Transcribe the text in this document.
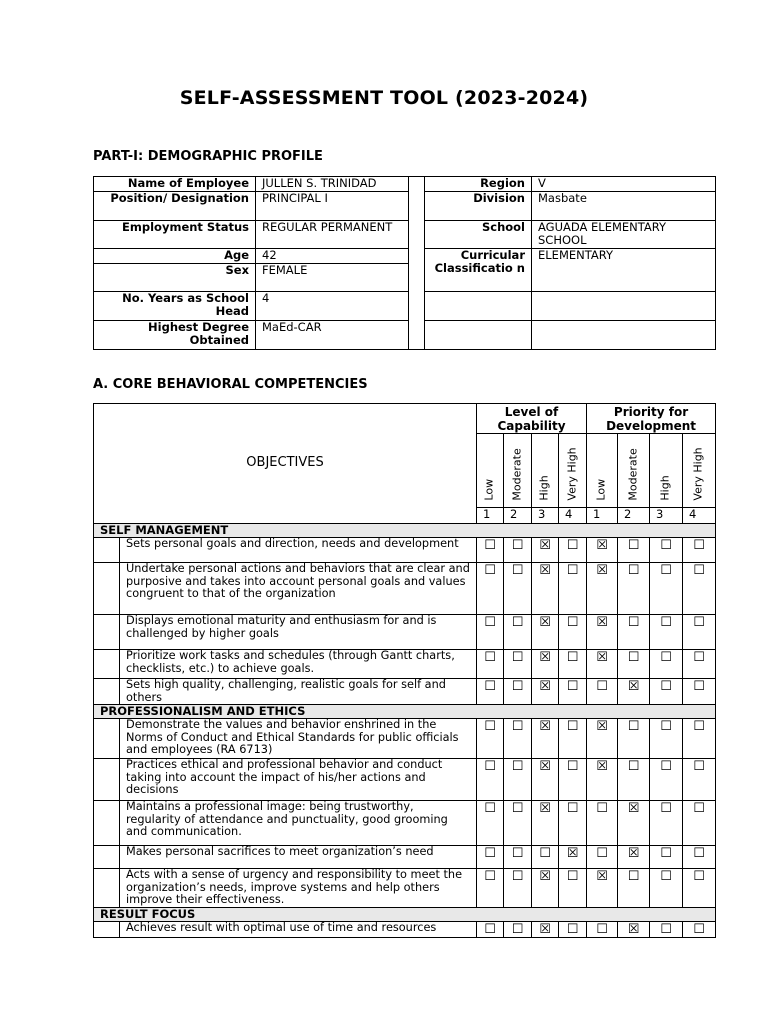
SELF-ASSESSMENT TOOL (2023-2024)
PART-I: DEMOGRAPHIC PROFILE
Name of Employee	JULLEN S. TRINIDAD		Region	V
Position/ Designation	PRINCIPAL I		Division	Masbate
Employment Status	REGULAR PERMANENT		School	AGUADA ELEMENTARY SCHOOL
Age	42		Curricular Classificatio n	ELEMENTARY
Sex	FEMALE			
No. Years as School Head	4			
Highest Degree Obtained	MaEd-CAR			
A. CORE BEHAVIORAL COMPETENCIES
OBJECTIVES		Level of Capability				Priority for Development			

		Low	Moderate	High	Very High	Low	Moderate	High	Very High

		1	2	3	4	1	2	3	4
SELF MANAGEMENT									
	Sets personal goals and direction, needs and development	☐	☐	☒	☐	☒	☐	☐	☐
	Undertake personal actions and behaviors that are clear and purposive and takes into account personal goals and values congruent to that of the organization	☐	☐	☒	☐	☒	☐	☐	☐
	Displays emotional maturity and enthusiasm for and is challenged by higher goals	☐	☐	☒	☐	☒	☐	☐	☐
	Prioritize work tasks and schedules (through Gantt charts, checklists, etc.) to achieve goals.	☐	☐	☒	☐	☒	☐	☐	☐
	Sets high quality, challenging, realistic goals for self and others	☐	☐	☒	☐	☐	☒	☐	☐
PROFESSIONALISM AND ETHICS									
	Demonstrate the values and behavior enshrined in the Norms of Conduct and Ethical Standards for public officials and employees (RA 6713)	☐	☐	☒	☐	☒	☐	☐	☐
	Practices ethical and professional behavior and conduct taking into account the impact of his/her actions and decisions	☐	☐	☒	☐	☒	☐	☐	☐
	Maintains a professional image: being trustworthy, regularity of attendance and punctuality, good grooming and communication.	☐	☐	☒	☐	☐	☒	☐	☐
	Makes personal sacrifices to meet organization’s need	☐	☐	☐	☒	☐	☒	☐	☐
	Acts with a sense of urgency and responsibility to meet the organization’s needs, improve systems and help others improve their effectiveness.	☐	☐	☒	☐	☒	☐	☐	☐
RESULT FOCUS									
	Achieves result with optimal use of time and resources	☐	☐	☒	☐	☐	☒	☐	☐
